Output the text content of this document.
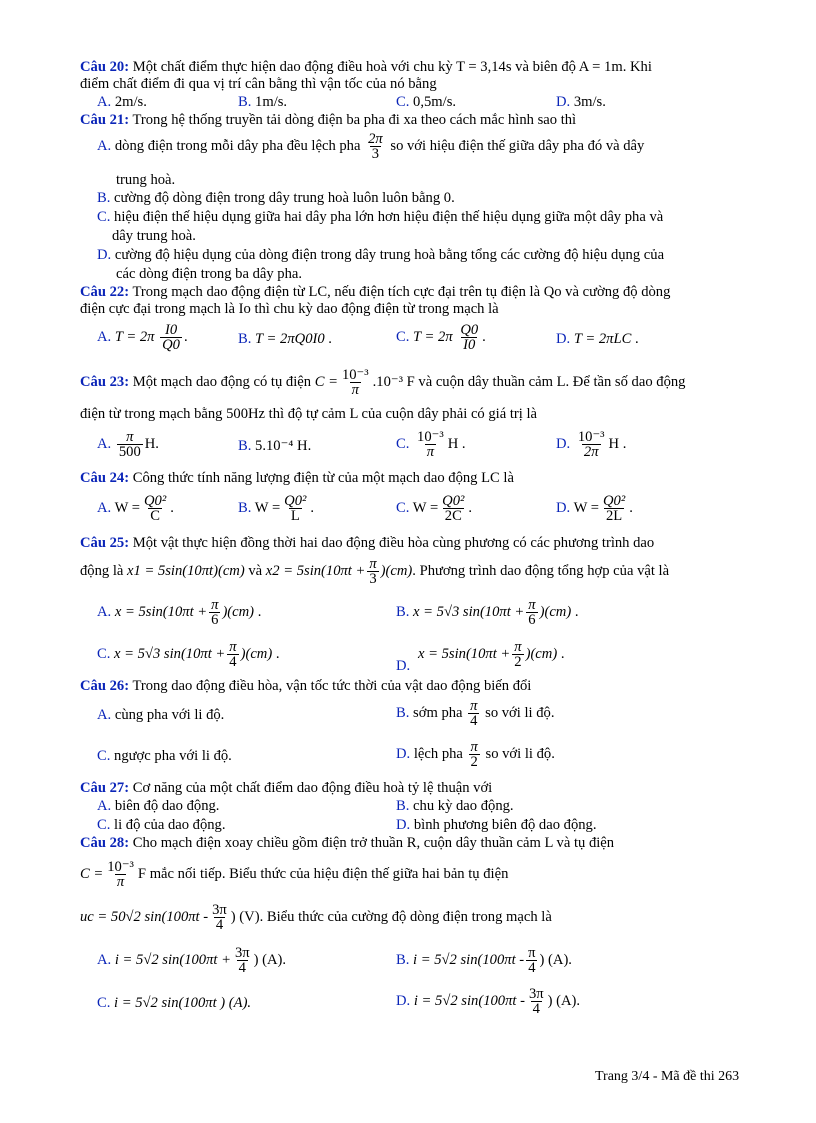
Câu 20: Một chất điểm thực hiện dao động điều hoà với chu kỳ T = 3,14s và biên độ A = 1m. Khi
điểm chất điểm đi qua vị trí cân bằng thì vận tốc của nó bằng
A. 2m/s.	B. 1m/s.	C. 0,5m/s.	D. 3m/s.
Câu 21: Trong hệ thống truyền tải dòng điện ba pha đi xa theo cách mắc hình sao thì
A. dòng điện trong mỗi dây pha đều lệch pha $\frac{2\pi}{3}$ so với hiệu điện thế giữa dây pha đó và dây
trung hoà.
B. cường độ dòng điện trong dây trung hoà luôn luôn bằng 0.
C. hiệu điện thế hiệu dụng giữa hai dây pha lớn hơn hiệu điện thế hiệu dụng giữa một dây pha và
dây trung hoà.
D. cường độ hiệu dụng của dòng điện trong dây trung hoà bằng tổng các cường độ hiệu dụng của
các dòng điện trong ba dây pha.
Câu 22: Trong mạch dao động điện từ LC, nếu điện tích cực đại trên tụ điện là Qo và cường độ dòng
điện cực đại trong mạch là Io thì chu kỳ dao động điện từ trong mạch là
A. $T = 2\pi \frac{I0}{Q0}$ .	B. T = 2πQ0I0 .	C. $T = 2\pi \frac{Q0}{I0}$ .	D. T = 2πLC .
Câu 23: Một mạch dao động có tụ điện $C = \frac{\text{10⁻³}}{\pi} .10^{-3}$ F và cuộn dây thuần cảm L. Để tần số dao động
điện từ trong mạch bằng 500Hz thì độ tự cảm L của cuộn dây phải có giá trị là
A. $\frac{\pi}{500} H$.	B. 5.10⁻⁴ H.	C. $\frac{\text{10⁻³}}{\pi}$ H .	D. $\frac{\text{10⁻³}}{2\pi}$ H .
Câu 24: Công thức tính năng lượng điện từ của một mạch dao động LC là
A. $W = \frac{\text{Q0²}}{C}$ .	B. $W = \frac{\text{Q0²}}{L}$ .	C. $W = \frac{\text{Q0²}}{2C}$ .	D. $W = \frac{\text{Q0²}}{2L}$ .
Câu 25: Một vật thực hiện đồng thời hai dao động điều hòa cùng phương có các phương trình dao
động là x1 = 5sin(10πt)(cm) và $x2 = 5\sin(10\pi t + \frac{\pi}{3} )(cm)$. Phương trình dao động tổng hợp của vật là
A. $x = 5\sin(10\pi t + \frac{\pi}{6} )(cm)$ .	B. x = 5√3 $\sin(10\pi t + \frac{\pi}{6} )(cm)$ .
C. x = 5√3 $\sin(10\pi t + \frac{\pi}{4} )(cm)$ .
D.
$x = 5\sin(10\pi t + \frac{\pi}{2} )(cm)$ .
Câu 26: Trong dao động điều hòa, vận tốc tức thời của vật dao động biến đổi
A. cùng pha với li độ.	B. sớm pha $\frac{\pi}{4}$ so với li độ.
C. ngược pha với li độ.	D. lệch pha $\frac{\pi}{2}$ so với li độ.
Câu 27: Cơ năng của một chất điểm dao động điều hoà tỷ lệ thuận với
A. biên độ dao động.	B. chu kỳ dao động.
C. li độ của dao động.	D. bình phương biên độ dao động.
Câu 28: Cho mạch điện xoay chiều gồm điện trở thuần R, cuộn dây thuần cảm L và tụ điện
$C = \frac{\text{10⁻³}}{\pi}$ F mắc nối tiếp. Biểu thức của hiệu điện thế giữa hai bản tụ điện
uc = 50√2 $\sin(100\pi t - \frac{3\pi}{4}$ ) (V). Biểu thức của cường độ dòng điện trong mạch là
A. i = 5√2 $\sin(100\pi t + \frac{3\pi}{4}$ ) (A).	B. i = 5√2 $\sin(100\pi t - \frac{\pi}{4}$ ) (A).
C. i = 5√2 sin(100πt ) (A).	D. i = 5√2 $\sin(100\pi t - \frac{3\pi}{4}$ ) (A).
Trang 3/4 - Mã đề thi 263
